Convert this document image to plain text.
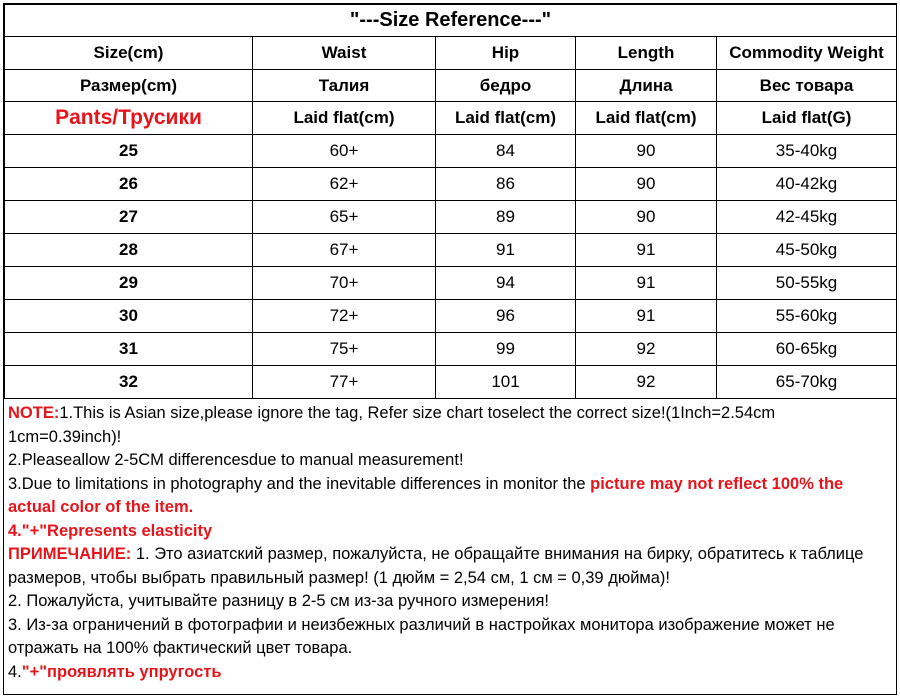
"---Size Reference---"				
Size(cm)	Waist	Hip	Length	Commodity Weight
Размер(cm)	Талия	бедро	Длина	Вес товара
Pants/Трусики	Laid flat(cm)	Laid flat(cm)	Laid flat(cm)	Laid flat(G)
25	60+	84	90	35-40kg
26	62+	86	90	40-42kg
27	65+	89	90	42-45kg
28	67+	91	91	45-50kg
29	70+	94	91	50-55kg
30	72+	96	91	55-60kg
31	75+	99	92	60-65kg
32	77+	101	92	65-70kg

NOTE:1.This is Asian size,please ignore the tag, Refer size chart toselect the correct size!(1Inch=2.54cm 1cm=0.39inch)!

2.Pleaseallow 2-5CM differencesdue to manual measurement!

3.Due to limitations in photography and the inevitable differences in monitor the picture may not reflect 100% the actual color of the item.

4."+"Represents elasticity

ПРИМЕЧАНИЕ: 1. Это азиатский размер, пожалуйста, не обращайте внимания на бирку, обратитесь к таблице размеров, чтобы выбрать правильный размер! (1 дюйм = 2,54 см, 1 см = 0,39 дюйма)!

2. Пожалуйста, учитывайте разницу в 2-5 см из-за ручного измерения!

3. Из-за ограничений в фотографии и неизбежных различий в настройках монитора изображение может не отражать на 100% фактический цвет товара.

4."+"проявлять упругость
